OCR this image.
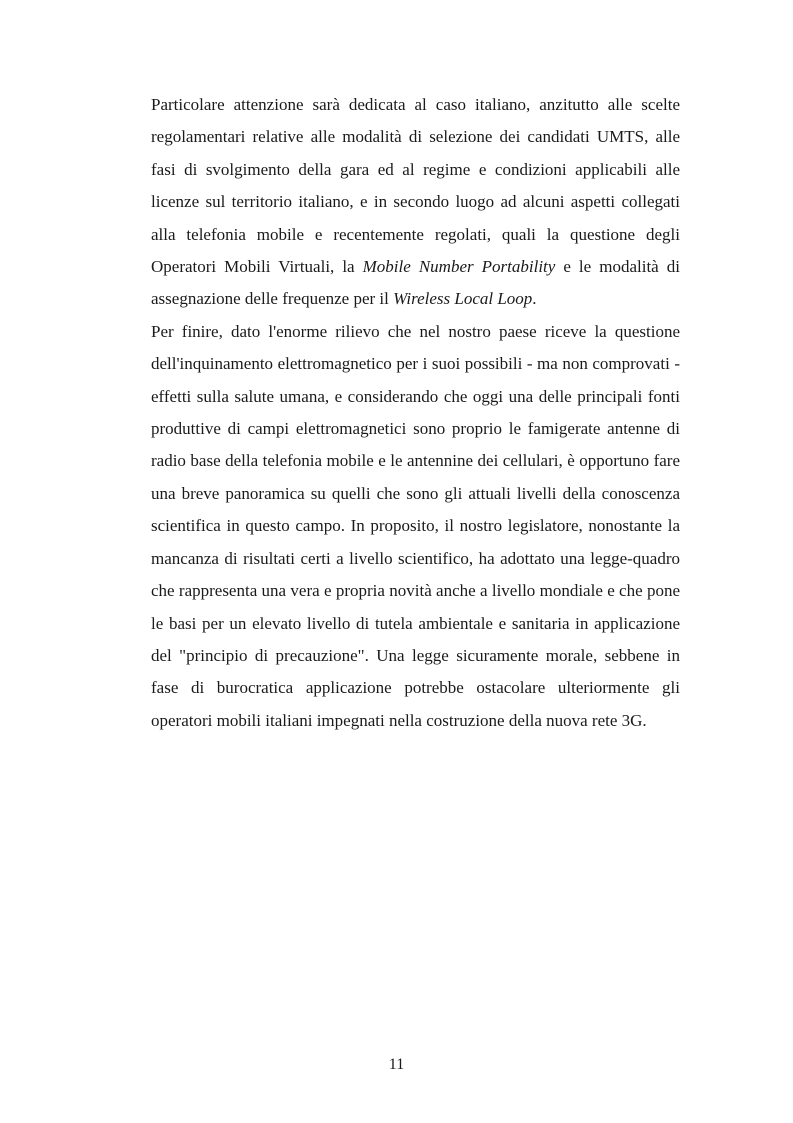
Particolare attenzione sarà dedicata al caso italiano, anzitutto alle scelte regolamentari relative alle modalità di selezione dei candidati UMTS, alle fasi di svolgimento della gara ed al regime e condizioni applicabili alle licenze sul territorio italiano, e in secondo luogo ad alcuni aspetti collegati alla telefonia mobile e recentemente regolati, quali la questione degli Operatori Mobili Virtuali, la Mobile Number Portability e le modalità di assegnazione delle frequenze per il Wireless Local Loop.

Per finire, dato l'enorme rilievo che nel nostro paese riceve la questione dell'inquinamento elettromagnetico per i suoi possibili - ma non comprovati - effetti sulla salute umana, e considerando che oggi una delle principali fonti produttive di campi elettromagnetici sono proprio le famigerate antenne di radio base della telefonia mobile e le antennine dei cellulari, è opportuno fare una breve panoramica su quelli che sono gli attuali livelli della conoscenza scientifica in questo campo. In proposito, il nostro legislatore, nonostante la mancanza di risultati certi a livello scientifico, ha adottato una legge-quadro che rappresenta una vera e propria novità anche a livello mondiale e che pone le basi per un elevato livello di tutela ambientale e sanitaria in applicazione del "principio di precauzione". Una legge sicuramente morale, sebbene in fase di burocratica applicazione potrebbe ostacolare ulteriormente gli operatori mobili italiani impegnati nella costruzione della nuova rete 3G.

11
